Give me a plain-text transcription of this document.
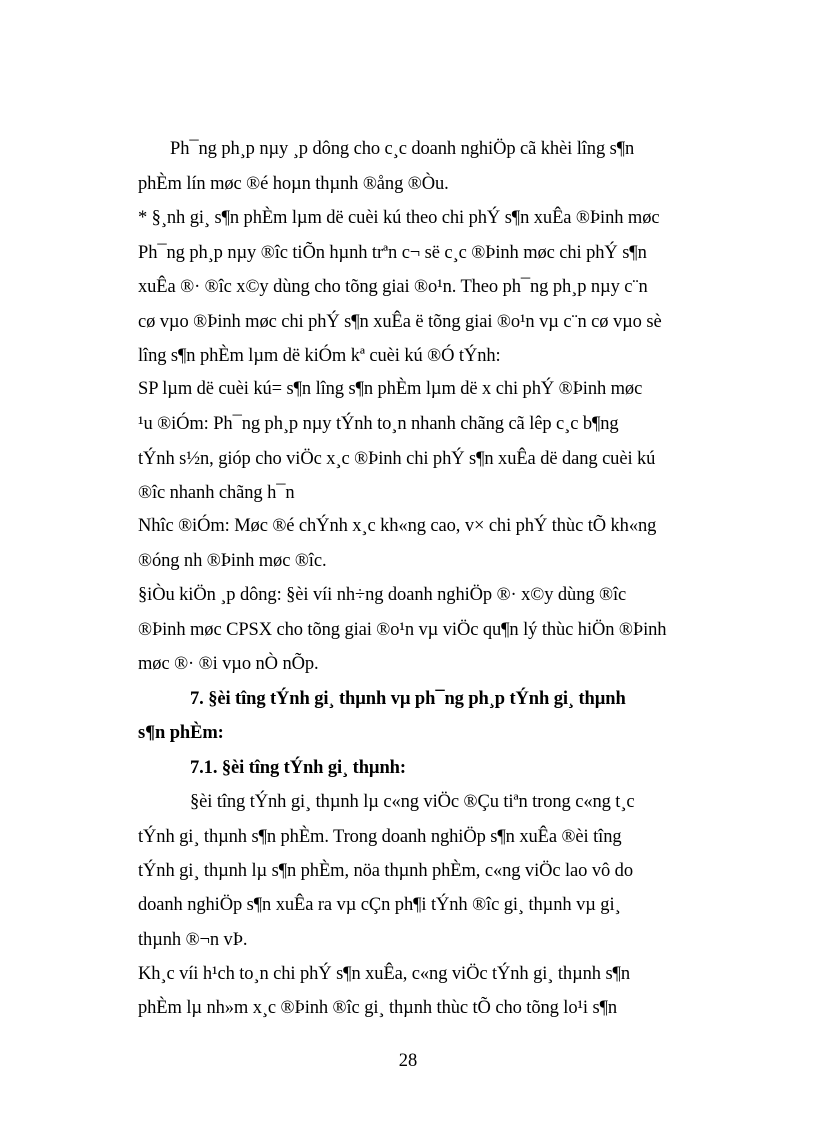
Ph¯ng ph¸p nµy ¸p dông cho c¸c doanh nghiÖp cã khèi lîng s¶n
phÈm lín møc ®é hoµn thµnh ®ång ®Òu.
* §¸nh gi¸ s¶n phÈm lµm dë cuèi kú theo chi phÝ s¶n xuÊa ®Þinh møc
Ph¯ng ph¸p nµy ®îc tiÕn hµnh trªn c¬ së c¸c ®Þinh møc chi phÝ s¶n
xuÊa ®· ®îc x©y dùng cho tõng giai ®o¹n. Theo ph¯ng ph¸p nµy c¨n
cø vµo ®Þinh møc chi phÝ s¶n xuÊa ë tõng giai ®o¹n vµ c¨n cø vµo sè
lîng s¶n phÈm lµm dë kiÓm kª cuèi kú ®Ó tÝnh:
SP lµm dë cuèi kú= s¶n lîng s¶n phÈm lµm dë x chi phÝ ®Þinh møc
¹u ®iÓm: Ph¯ng ph¸p nµy tÝnh to¸n nhanh chãng cã lêp c¸c b¶ng
tÝnh s½n, gióp cho viÖc x¸c ®Þinh chi phÝ s¶n xuÊa dë dang cuèi kú
®îc nhanh chãng h¯n
Nhîc ®iÓm: Møc ®é chÝnh x¸c kh«ng cao, v× chi phÝ thùc tÕ kh«ng
®óng nh ®Þinh møc ®îc.
§iÒu kiÖn ¸p dông: §èi víi nh÷ng doanh nghiÖp ®· x©y dùng ®îc
®Þinh møc CPSX cho tõng giai ®o¹n vµ viÖc qu¶n lý thùc hiÖn ®Þinh
møc ®· ®i vµo nÒ nÕp.
7. §èi tîng tÝnh gi¸ thµnh vµ ph¯ng ph¸p tÝnh gi¸ thµnh
s¶n phÈm:
7.1. §èi tîng tÝnh gi¸ thµnh:
§èi tîng tÝnh gi¸ thµnh lµ c«ng viÖc ®Çu tiªn trong c«ng t¸c
tÝnh gi¸ thµnh s¶n phÈm. Trong doanh nghiÖp s¶n xuÊa ®èi tîng
tÝnh gi¸ thµnh lµ s¶n phÈm, nöa thµnh phÈm, c«ng viÖc lao vô do
doanh nghiÖp s¶n xuÊa ra vµ cÇn ph¶i tÝnh ®îc gi¸ thµnh vµ gi¸
thµnh ®¬n vÞ.
Kh¸c víi h¹ch to¸n chi phÝ s¶n xuÊa, c«ng viÖc tÝnh gi¸ thµnh s¶n
phÈm lµ nh»m x¸c ®Þinh ®îc gi¸ thµnh thùc tÕ cho tõng lo¹i s¶n
28
